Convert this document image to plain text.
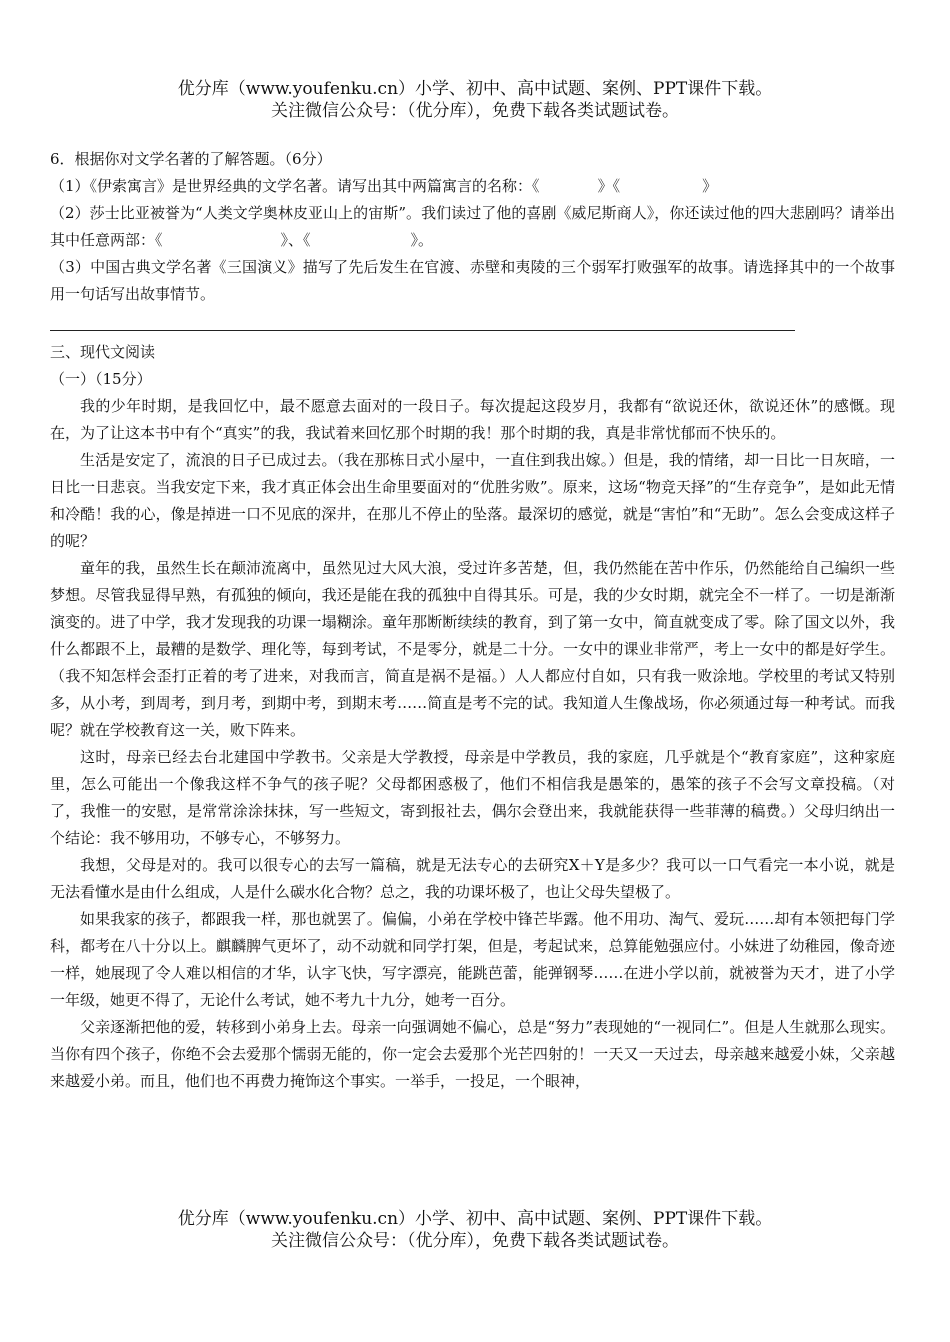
优分库（www.youfenku.cn）小学、初中、高中试题、案例、PPT课件下载。
关注微信公众号：（优分库），免费下载各类试题试卷。

6．根据你对文学名著的了解答题。（6分）

（1）《伊索寓言》是世界经典的文学名著。请写出其中两篇寓言的名称：《	》《	》

（2）莎士比亚被誉为“人类文学奥林皮亚山上的宙斯”。我们读过了他的喜剧《威尼斯商人》，你还读过他的四大悲剧吗？请举出其中任意两部：《	》、《	》。

（3）中国古典文学名著《三国演义》描写了先后发生在官渡、赤壁和夷陵的三个弱军打败强军的故事。请选择其中的一个故事用一句话写出故事情节。

三、现代文阅读

（一）（15分）

我的少年时期，是我回忆中，最不愿意去面对的一段日子。每次提起这段岁月，我都有“欲说还休，欲说还休”的感慨。现在，为了让这本书中有个“真实”的我，我试着来回忆那个时期的我！那个时期的我，真是非常忧郁而不快乐的。

生活是安定了，流浪的日子已成过去。（我在那栋日式小屋中，一直住到我出嫁。）但是，我的情绪，却一日比一日灰暗，一日比一日悲哀。当我安定下来，我才真正体会出生命里要面对的“优胜劣败”。原来，这场“物竞天择”的“生存竞争”，是如此无情和冷酷！我的心，像是掉进一口不见底的深井，在那儿不停止的坠落。最深切的感觉，就是“害怕”和“无助”。怎么会变成这样子的呢？

童年的我，虽然生长在颠沛流离中，虽然见过大风大浪，受过许多苦楚，但，我仍然能在苦中作乐，仍然能给自己编织一些梦想。尽管我显得早熟，有孤独的倾向，我还是能在我的孤独中自得其乐。可是，我的少女时期，就完全不一样了。一切是渐渐演变的。进了中学，我才发现我的功课一塌糊涂。童年那断断续续的教育，到了第一女中，简直就变成了零。除了国文以外，我什么都跟不上，最糟的是数学、理化等，每到考试，不是零分，就是二十分。一女中的课业非常严，考上一女中的都是好学生。（我不知怎样会歪打正着的考了进来，对我而言，简直是祸不是福。）人人都应付自如，只有我一败涂地。学校里的考试又特别多，从小考，到周考，到月考，到期中考，到期末考……简直是考不完的试。我知道人生像战场，你必须通过每一种考试。而我呢？就在学校教育这一关，败下阵来。

这时，母亲已经去台北建国中学教书。父亲是大学教授，母亲是中学教员，我的家庭，几乎就是个“教育家庭”，这种家庭里，怎么可能出一个像我这样不争气的孩子呢？父母都困惑极了，他们不相信我是愚笨的，愚笨的孩子不会写文章投稿。（对了，我惟一的安慰，是常常涂涂抹抹，写一些短文，寄到报社去，偶尔会登出来，我就能获得一些菲薄的稿费。）父母归纳出一个结论：我不够用功，不够专心，不够努力。

我想，父母是对的。我可以很专心的去写一篇稿，就是无法专心的去研究X＋Y是多少？我可以一口气看完一本小说，就是无法看懂水是由什么组成，人是什么碳水化合物？总之，我的功课坏极了，也让父母失望极了。

如果我家的孩子，都跟我一样，那也就罢了。偏偏，小弟在学校中锋芒毕露。他不用功、淘气、爱玩……却有本领把每门学科，都考在八十分以上。麒麟脾气更坏了，动不动就和同学打架，但是，考起试来，总算能勉强应付。小妹进了幼稚园，像奇迹一样，她展现了令人难以相信的才华，认字飞快，写字漂亮，能跳芭蕾，能弹钢琴……在进小学以前，就被誉为天才，进了小学一年级，她更不得了，无论什么考试，她不考九十九分，她考一百分。

父亲逐渐把他的爱，转移到小弟身上去。母亲一向强调她不偏心，总是“努力”表现她的“一视同仁”。但是人生就那么现实。当你有四个孩子，你绝不会去爱那个懦弱无能的，你一定会去爱那个光芒四射的！一天又一天过去，母亲越来越爱小妹，父亲越来越爱小弟。而且，他们也不再费力掩饰这个事实。一举手，一投足，一个眼神，

优分库（www.youfenku.cn）小学、初中、高中试题、案例、PPT课件下载。
关注微信公众号：（优分库），免费下载各类试题试卷。
